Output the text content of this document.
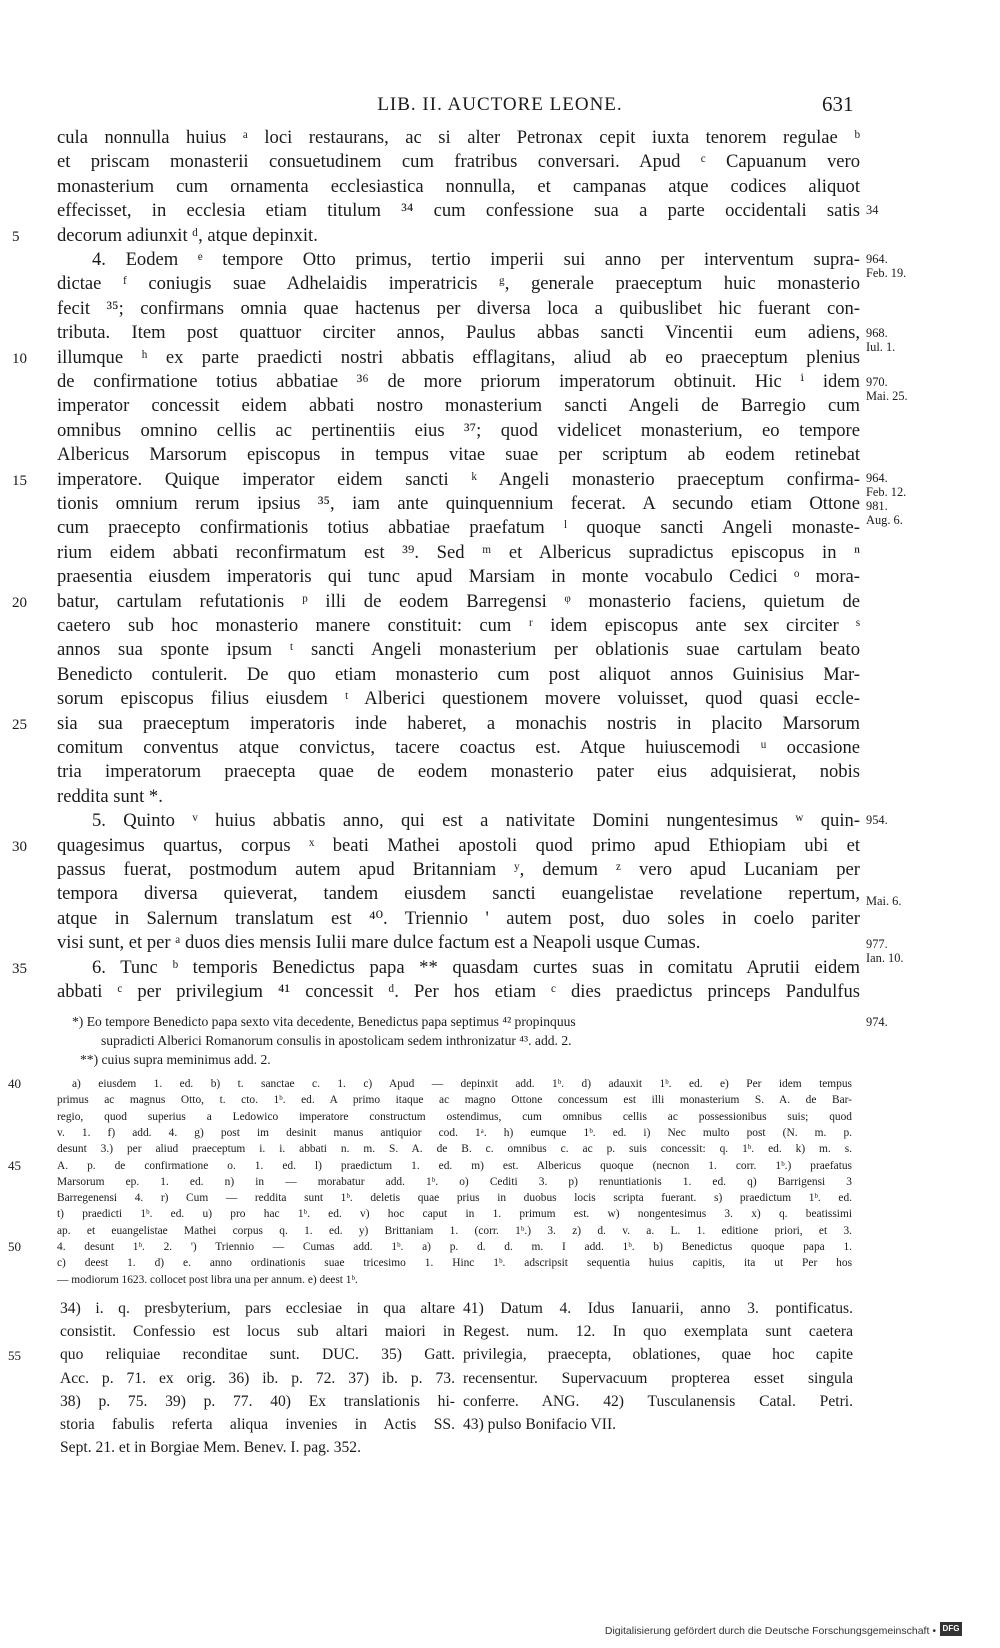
LIB. II. AUCTORE LEONE.	631
cula nonnulla huius ᵃ loci restaurans, ac si alter Petronax cepit iuxta tenorem regulae ᵇ
et priscam monasterii consuetudinem cum fratribus conversari. Apud ᶜ Capuanum vero
monasterium cum ornamenta ecclesiastica nonnulla, et campanas atque codices aliquot
effecisset, in ecclesia etiam titulum ³⁴ cum confessione sua a parte occidentali satis
decorum adiunxit ᵈ, atque depinxit.
4. Eodem ᵉ tempore Otto primus, tertio imperii sui anno per interventum supra-
dictae ᶠ coniugis suae Adhelaidis imperatricis ᵍ, generale praeceptum huic monasterio
fecit ³⁵; confirmans omnia quae hactenus per diversa loca a quibuslibet hic fuerant con-
tributa. Item post quattuor circiter annos, Paulus abbas sancti Vincentii eum adiens,
illumque ʰ ex parte praedicti nostri abbatis efflagitans, aliud ab eo praeceptum plenius
de confirmatione totius abbatiae ³⁶ de more priorum imperatorum obtinuit. Hic ⁱ idem
imperator concessit eidem abbati nostro monasterium sancti Angeli de Barregio cum
omnibus omnino cellis ac pertinentiis eius ³⁷; quod videlicet monasterium, eo tempore
Albericus Marsorum episcopus in tempus vitae suae per scriptum ab eodem retinebat
imperatore. Quique imperator eidem sancti ᵏ Angeli monasterio praeceptum confirma-
tionis omnium rerum ipsius ³⁵, iam ante quinquennium fecerat. A secundo etiam Ottone
cum praecepto confirmationis totius abbatiae praefatum ˡ quoque sancti Angeli monaste-
rium eidem abbati reconfirmatum est ³⁹. Sed ᵐ et Albericus supradictus episcopus in ⁿ
praesentia eiusdem imperatoris qui tunc apud Marsiam in monte vocabulo Cedici ᵒ mora-
batur, cartulam refutationis ᵖ illi de eodem Barregensi ᵠ monasterio faciens, quietum de
caetero sub hoc monasterio manere constituit: cum ʳ idem episcopus ante sex circiter ˢ
annos sua sponte ipsum ᵗ sancti Angeli monasterium per oblationis suae cartulam beato
Benedicto contulerit. De quo etiam monasterio cum post aliquot annos Guinisius Mar-
sorum episcopus filius eiusdem ᵗ Alberici questionem movere voluisset, quod quasi eccle-
sia sua praeceptum imperatoris inde haberet, a monachis nostris in placito Marsorum
comitum conventus atque convictus, tacere coactus est. Atque huiuscemodi ᵘ occasione
tria imperatorum praecepta quae de eodem monasterio pater eius adquisierat, nobis
reddita sunt *.
5. Quinto ᵛ huius abbatis anno, qui est a nativitate Domini nungentesimus ʷ quin-
quagesimus quartus, corpus ˣ beati Mathei apostoli quod primo apud Ethiopiam ubi et
passus fuerat, postmodum autem apud Britanniam ʸ, demum ᶻ vero apud Lucaniam per
tempora diversa quieverat, tandem eiusdem sancti euangelistae revelatione repertum,
atque in Salernum translatum est ⁴⁰. Triennio ' autem post, duo soles in coelo pariter
visi sunt, et per ᵃ duos dies mensis Iulii mare dulce factum est a Neapoli usque Cumas.
6. Tunc ᵇ temporis Benedictus papa ** quasdam curtes suas in comitatu Aprutii eidem
abbati ᶜ per privilegium ⁴¹ concessit ᵈ. Per hos etiam ᶜ dies praedictus princeps Pandulfus
5
10
15
20
25
30
35
34
964.
Feb. 19.
968.
Iul. 1.
970.
Mai. 25.
964.
Feb. 12.
981.
Aug. 6.
954.
Mai. 6.
977.
Ian. 10.
974.
*) Eo tempore Benedicto papa sexto vita decedente, Benedictus papa septimus ⁴² propinquus
supradicti Alberici Romanorum consulis in apostolicam sedem inthronizatur ⁴³. add. 2.
**) cuius supra meminimus add. 2.
a) eiusdem 1. ed. b) t. sanctae c. 1. c) Apud — depinxit add. 1ᵇ. d) adauxit 1ᵇ. ed. e) Per idem tempus
primus ac magnus Otto, t. cto. 1ᵇ. ed. A primo itaque ac magno Ottone concessum est illi monasterium S. A. de Bar-
regio, quod superius a Ledowico imperatore constructum ostendimus, cum omnibus cellis ac possessionibus suis; quod
v. 1. f) add. 4. g) post im desinit manus antiquior cod. 1ᵃ. h) eumque 1ᵇ. ed. i) Nec multo post (N. m. p.
desunt 3.) per aliud praeceptum i. i. abbati n. m. S. A. de B. c. omnibus c. ac p. suis concessit: q. 1ᵇ. ed. k) m. s.
A. p. de confirmatione o. 1. ed. l) praedictum 1. ed. m) est. Albericus quoque (necnon 1. corr. 1ᵇ.) praefatus
Marsorum ep. 1. ed. n) in — morabatur add. 1ᵇ. o) Cediti 3. p) renuntiationis 1. ed. q) Barrigensi 3
Barregenensi 4. r) Cum — reddita sunt 1ᵇ. deletis quae prius in duobus locis scripta fuerant. s) praedictum 1ᵇ. ed.
t) praedicti 1ᵇ. ed. u) pro hac 1ᵇ. ed. v) hoc caput in 1. primum est. w) nongentesimus 3. x) q. beatissimi
ap. et euangelistae Mathei corpus q. 1. ed. y) Brittaniam 1. (corr. 1ᵇ.) 3. z) d. v. a. L. 1. editione priori, et 3.
4. desunt 1ᵇ. 2. ') Triennio — Cumas add. 1ᵇ. a) p. d. d. m. I add. 1ᵇ. b) Benedictus quoque papa 1.
c) deest 1. d) e. anno ordinationis suae tricesimo 1. Hinc 1ᵇ. adscripsit sequentia huius capitis, ita ut Per hos
— modiorum 1623. collocet post libra una per annum. e) deest 1ᵇ.
40
45
50
34) i. q. presbyterium, pars ecclesiae in qua altare
consistit. Confessio est locus sub altari maiori in
quo reliquiae reconditae sunt. DUC. 35) Gatt.
Acc. p. 71. ex orig. 36) ib. p. 72. 37) ib. p. 73.
38) p. 75. 39) p. 77. 40) Ex translationis hi-
storia fabulis referta aliqua invenies in Actis SS.
Sept. 21. et in Borgiae Mem. Benev. I. pag. 352.
55
41) Datum 4. Idus Ianuarii, anno 3. pontificatus.
Regest. num. 12. In quo exemplata sunt caetera
privilegia, praecepta, oblationes, quae hoc capite
recensentur. Supervacuum propterea esset singula
conferre. ANG. 42) Tusculanensis Catal. Petri.
43) pulso Bonifacio VII.
Digitalisierung gefördert durch die Deutsche Forschungsgemeinschaft • DFG
